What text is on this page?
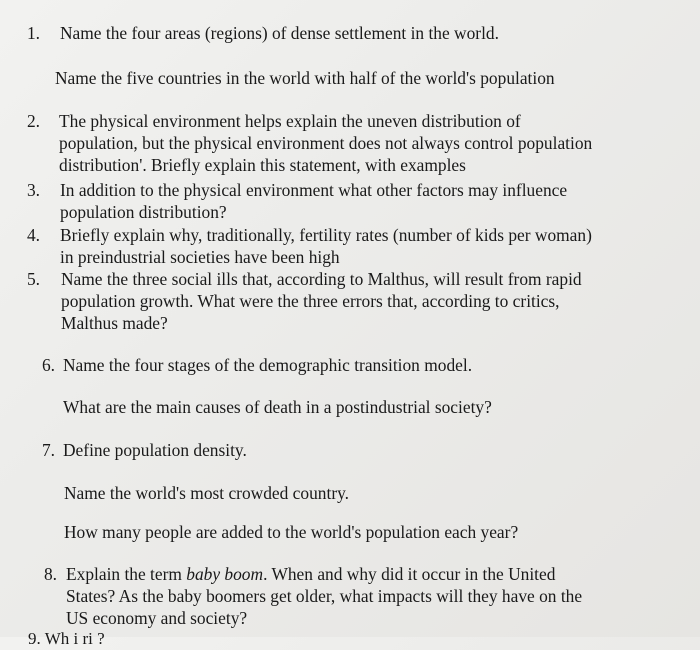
1. Name the four areas (regions) of dense settlement in the world.
Name the five countries in the world with half of the world's population
2. The physical environment helps explain the uneven distribution of
population, but the physical environment does not always control population
distribution'. Briefly explain this statement, with examples
3. In addition to the physical environment what other factors may influence
population distribution?
4. Briefly explain why, traditionally, fertility rates (number of kids per woman)
in preindustrial societies have been high
5. Name the three social ills that, according to Malthus, will result from rapid
population growth. What were the three errors that, according to critics,
Malthus made?
6. Name the four stages of the demographic transition model.
What are the main causes of death in a postindustrial society?
7. Define population density.
Name the world's most crowded country.
How many people are added to the world's population each year?
8. Explain the term baby boom. When and why did it occur in the United
States? As the baby boomers get older, what impacts will they have on the
US economy and society?
9. Wh i ri ?
